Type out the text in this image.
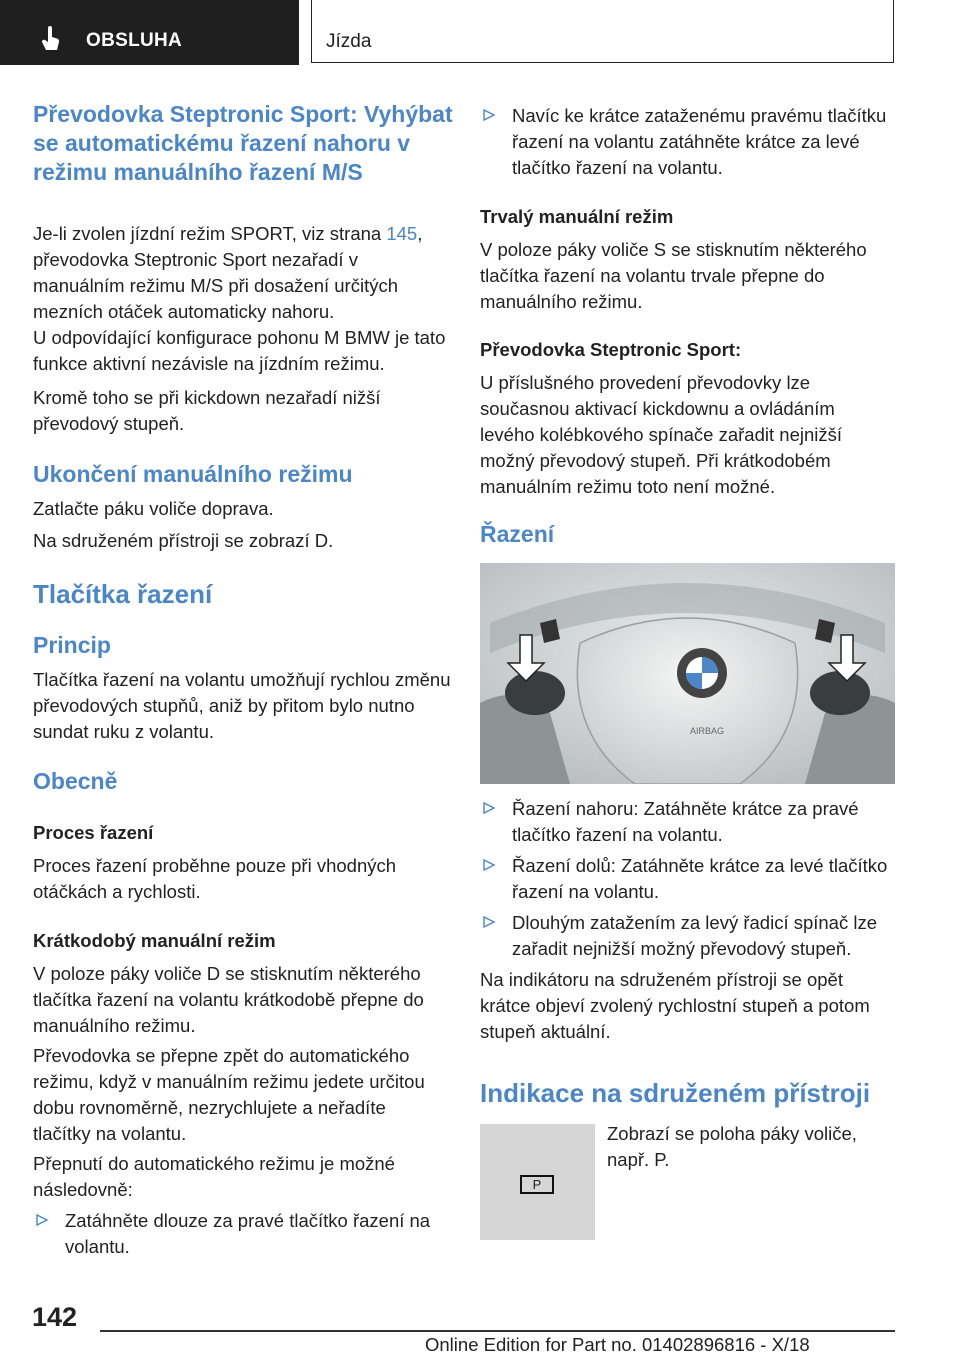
OBSLUHA	Jízda
Převodovka Steptronic Sport: Vyhýbat se automatickému řazení nahoru v režimu manuálního řazení M/S

Je-li zvolen jízdní režim SPORT, viz strana 145, převodovka Steptronic Sport nezařadí v manuálním režimu M/S při dosažení určitých mezních otáček automaticky nahoru.

U odpovídající konfigurace pohonu M BMW je tato funkce aktivní nezávisle na jízdním režimu.

Kromě toho se při kickdown nezařadí nižší převodový stupeň.

Ukončení manuálního režimu

Zatlačte páku voliče doprava.

Na sdruženém přístroji se zobrazí D.

Tlačítka řazení
Princip

Tlačítka řazení na volantu umožňují rychlou změnu převodových stupňů, aniž by přitom bylo nutno sundat ruku z volantu.

Obecně

Proces řazení

Proces řazení proběhne pouze při vhodných otáčkách a rychlosti.

Krátkodobý manuální režim

V poloze páky voliče D se stisknutím některého tlačítka řazení na volantu krátkodobě přepne do manuálního režimu.

Převodovka se přepne zpět do automatického režimu, když v manuálním režimu jedete určitou dobu rovnoměrně, nezrychlujete a neřadíte tlačítky na volantu.

Přepnutí do automatického režimu je možné následovně:

Zatáhněte dlouze za pravé tlačítko řazení na volantu.

Navíc ke krátce zataženému pravému tlačítku řazení na volantu zatáhněte krátce za levé tlačítko řazení na volantu.

Trvalý manuální režim

V poloze páky voliče S se stisknutím některého tlačítka řazení na volantu trvale přepne do manuálního režimu.

Převodovka Steptronic Sport:

U příslušného provedení převodovky lze současnou aktivací kickdownu a ovládáním levého kolébkového spínače zařadit nejnižší možný převodový stupeň. Při krátkodobém manuálním režimu toto není možné.

Řazení
AIRBAG

Řazení nahoru: Zatáhněte krátce za pravé tlačítko řazení na volantu.

Řazení dolů: Zatáhněte krátce za levé tlačítko řazení na volantu.

Dlouhým zatažením za levý řadicí spínač lze zařadit nejnižší možný převodový stupeň.

Na indikátoru na sdruženém přístroji se opět krátce objeví zvolený rychlostní stupeň a potom stupeň aktuální.

Indikace na sdruženém přístroji
P

Zobrazí se poloha páky voliče, např. P.

142
Online Edition for Part no. 01402896816 - X/18
